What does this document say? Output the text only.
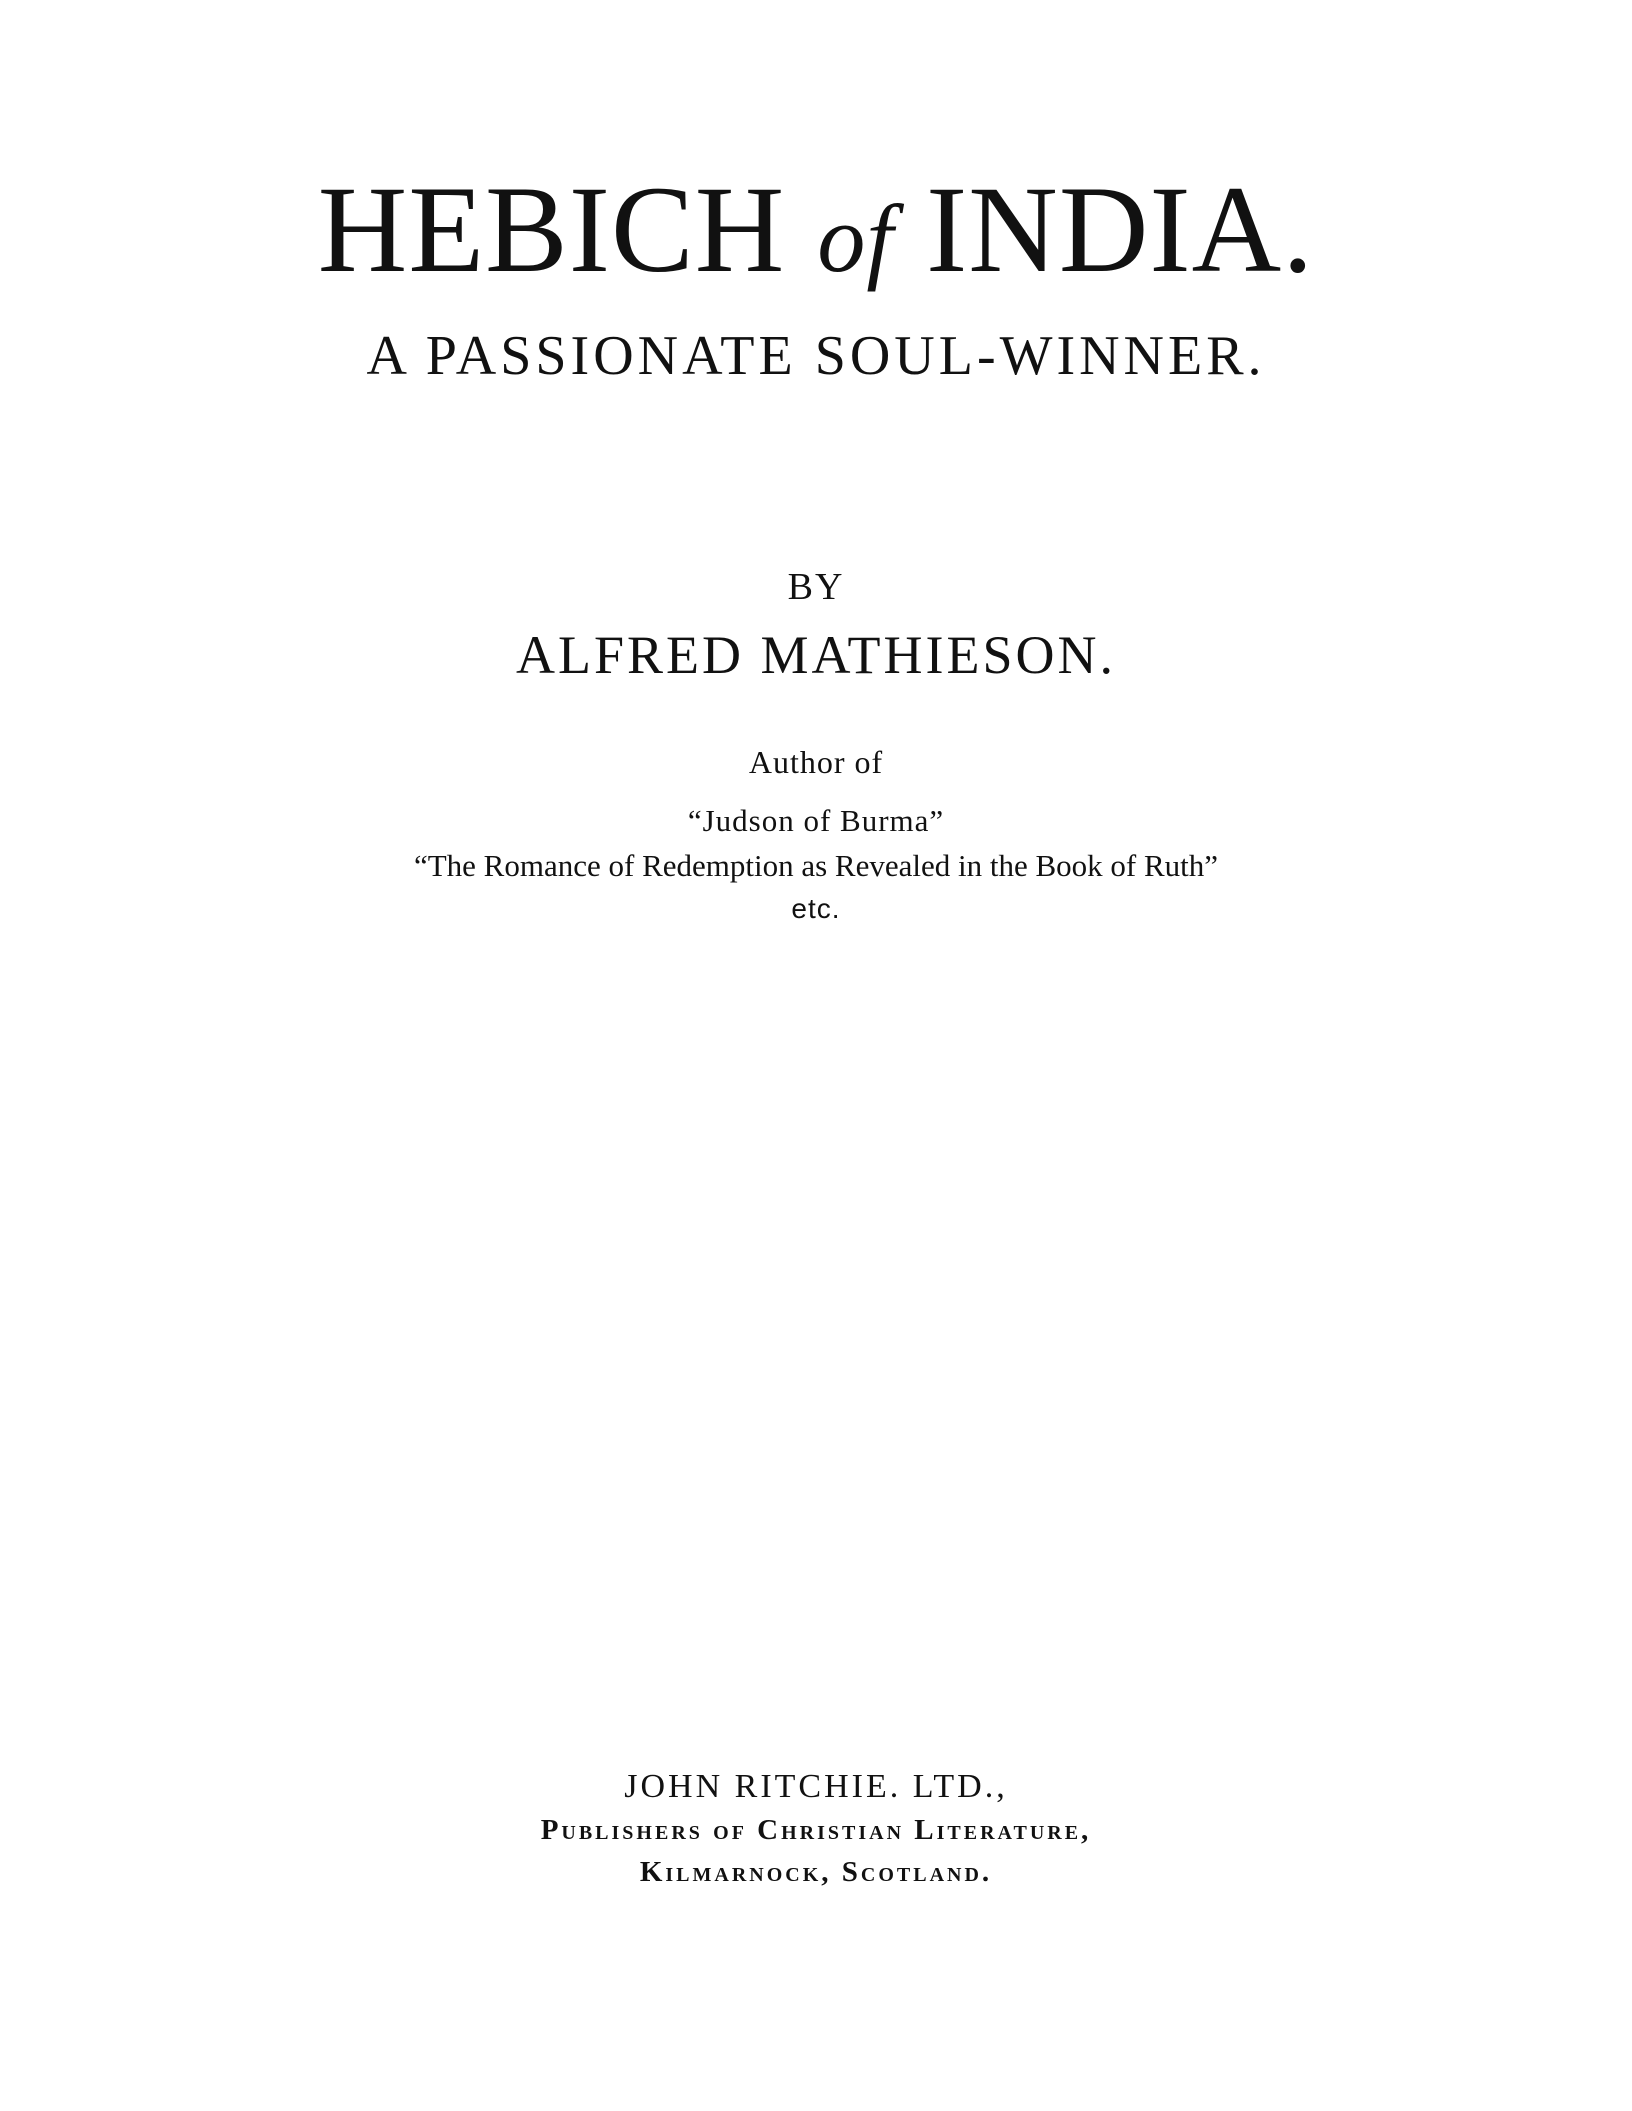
HEBICH of INDIA.
A PASSIONATE SOUL-WINNER.
BY
ALFRED MATHIESON.
Author of
“Judson of Burma”
“The Romance of Redemption as Revealed in the Book of Ruth”
etc.
JOHN RITCHIE. LTD.,
Publishers of Christian Literature,
Kilmarnock, Scotland.
